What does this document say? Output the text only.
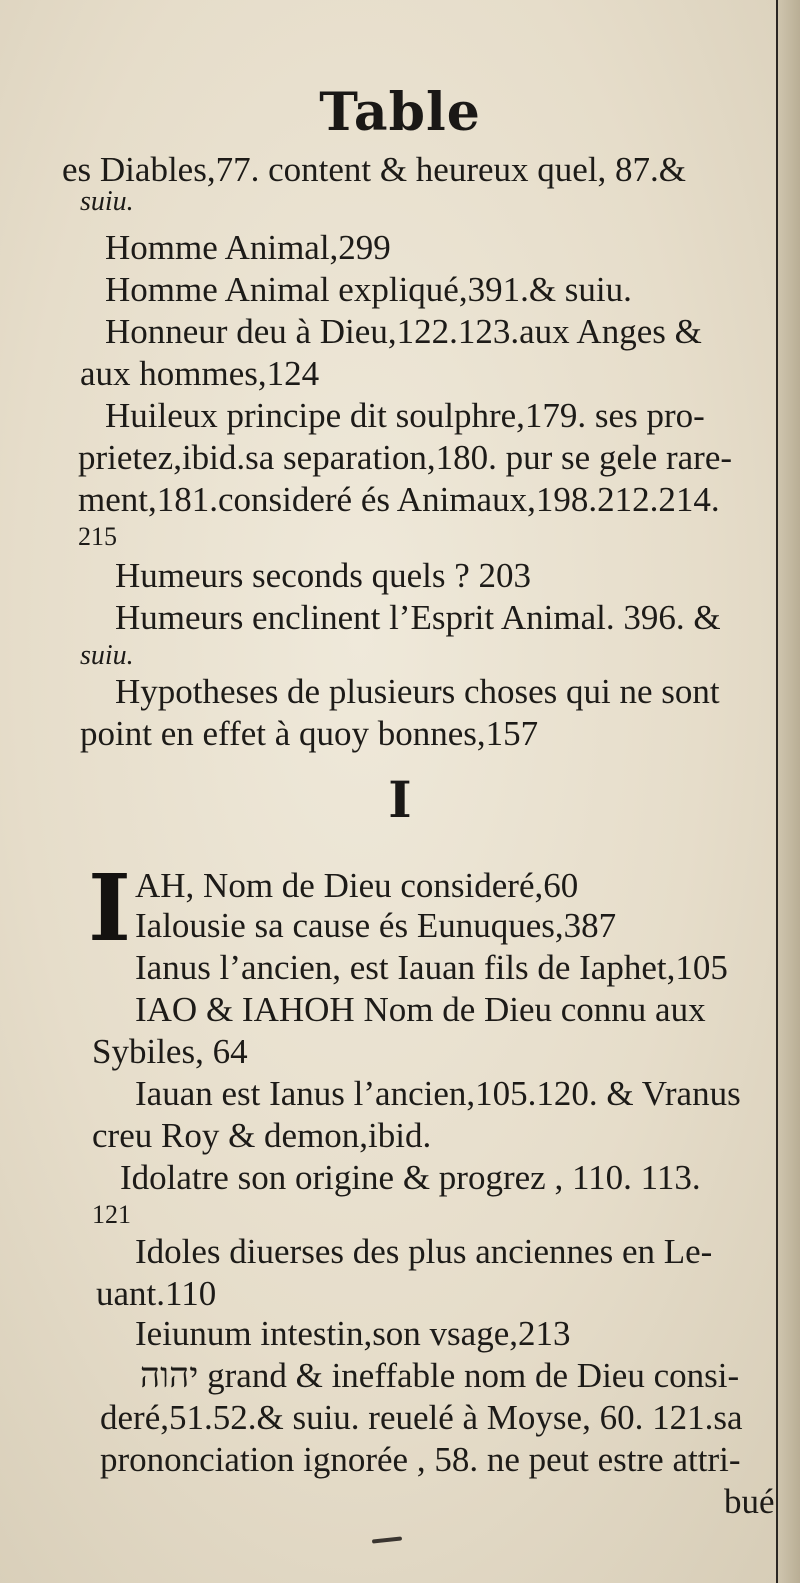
Table
es Diables,77. content & heureux quel, 87.&
suiu.
Homme Animal,299
Homme Animal expliqué,391.& suiu.
Honneur deu à Dieu,122.123.aux Anges &
aux hommes,124
Huileux principe dit soulphre,179. ses pro-
prietez,ibid.sa separation,180. pur se gele rare-
ment,181.consideré és Animaux,198.212.214.
215
Humeurs seconds quels ? 203
Humeurs enclinent l’Esprit Animal. 396. &
suiu.
Hypotheses de plusieurs choses qui ne sont
point en effet à quoy bonnes,157
I
I AH, Nom de Dieu consideré,60
Ialousie sa cause és Eunuques,387
Ianus l’ancien, est Iauan fils de Iaphet,105
IAO & IAHOH Nom de Dieu connu aux
Sybiles, 64
Iauan est Ianus l’ancien,105.120. & Vranus
creu Roy & demon,ibid.
Idolatre son origine & progrez , 110. 113.
121
Idoles diuerses des plus anciennes en Le-
uant.110
Ieiunum intestin,son vsage,213
יהוה grand & ineffable nom de Dieu consi-
deré,51.52.& suiu. reuelé à Moyse, 60. 121.sa
prononciation ignorée , 58. ne peut estre attri-
bué
